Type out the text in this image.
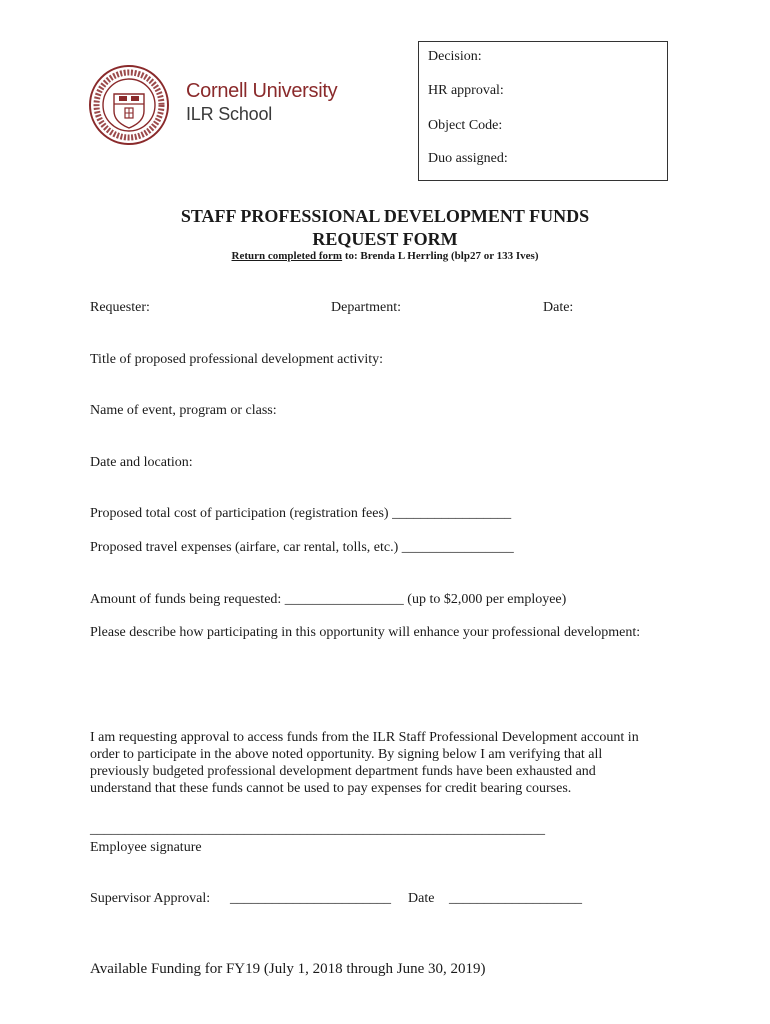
Cornell University
ILR School
Decision:
HR approval:
Object Code:
Duo assigned:
STAFF PROFESSIONAL DEVELOPMENT FUNDS
REQUEST FORM
Return completed form to: Brenda L Herrling (blp27 or 133 Ives)
Requester:	Department:	Date:
Title of proposed professional development activity:
Name of event, program or class:
Date and location:
Proposed total cost of participation (registration fees) _________________
Proposed travel expenses (airfare, car rental, tolls, etc.) ________________
Amount of funds being requested: _________________ (up to $2,000 per employee)
Please describe how participating in this opportunity will enhance your professional development:
I am requesting approval to access funds from the ILR Staff Professional Development account in
order to participate in the above noted opportunity. By signing below I am verifying that all
previously budgeted professional development department funds have been exhausted and
understand that these funds cannot be used to pay expenses for credit bearing courses.
_________________________________________________________________
Employee signature
Supervisor Approval: _______________________ Date ___________________
Available Funding for FY19 (July 1, 2018 through June 30, 2019)
